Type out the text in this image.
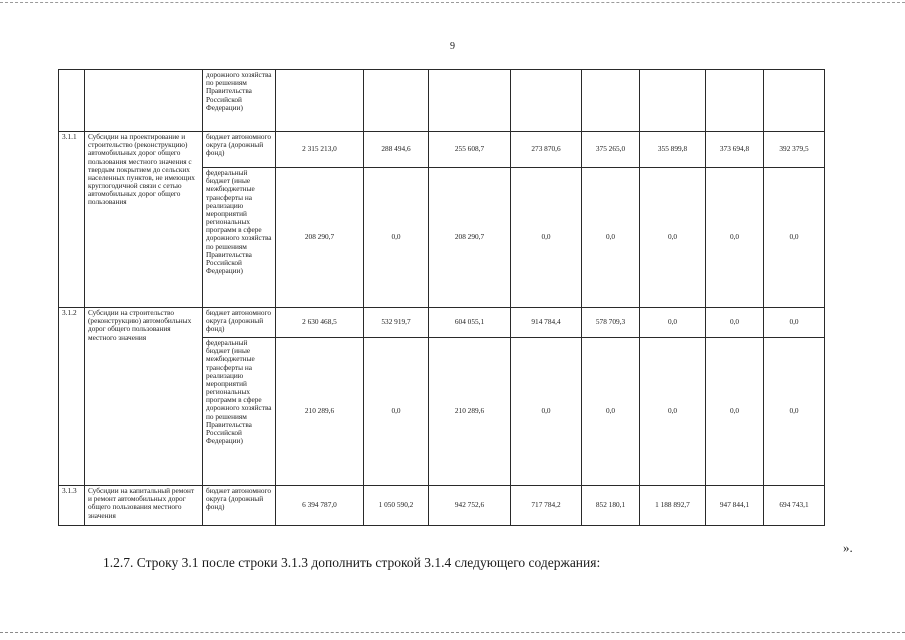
9
		дорожного хозяйства по решениям Правительства Российской Федерации)								
3.1.1	Субсидии на проектирование и строительство (реконструкцию) автомобильных дорог общего пользования местного значения с твердым покрытием до сельских населенных пунктов, не имеющих круглогодичной связи с сетью автомобильных дорог общего пользования	бюджет автономного округа (дорожный фонд)	2 315 213,0	288 494,6	255 608,7	273 870,6	375 265,0	355 899,8	373 694,8	392 379,5
		федеральный бюджет (иные межбюджетные трансферты на реализацию мероприятий региональных программ в сфере дорожного хозяйства по решениям Правительства Российской Федерации)	208 290,7	0,0	208 290,7	0,0	0,0	0,0	0,0	0,0
3.1.2	Субсидии на строительство (реконструкцию) автомобильных дорог общего пользования местного значения	бюджет автономного округа (дорожный фонд)	2 630 468,5	532 919,7	604 055,1	914 784,4	578 709,3	0,0	0,0	0,0
		федеральный бюджет (иные межбюджетные трансферты на реализацию мероприятий региональных программ в сфере дорожного хозяйства по решениям Правительства Российской Федерации)	210 289,6	0,0	210 289,6	0,0	0,0	0,0	0,0	0,0
3.1.3	Субсидии на капитальный ремонт и ремонт автомобильных дорог общего пользования местного значения	бюджет автономного округа (дорожный фонд)	6 394 787,0	1 050 590,2	942 752,6	717 784,2	852 180,1	1 188 892,7	947 844,1	694 743,1
».
1.2.7. Строку 3.1 после строки 3.1.3 дополнить строкой 3.1.4 следующего содержания:
